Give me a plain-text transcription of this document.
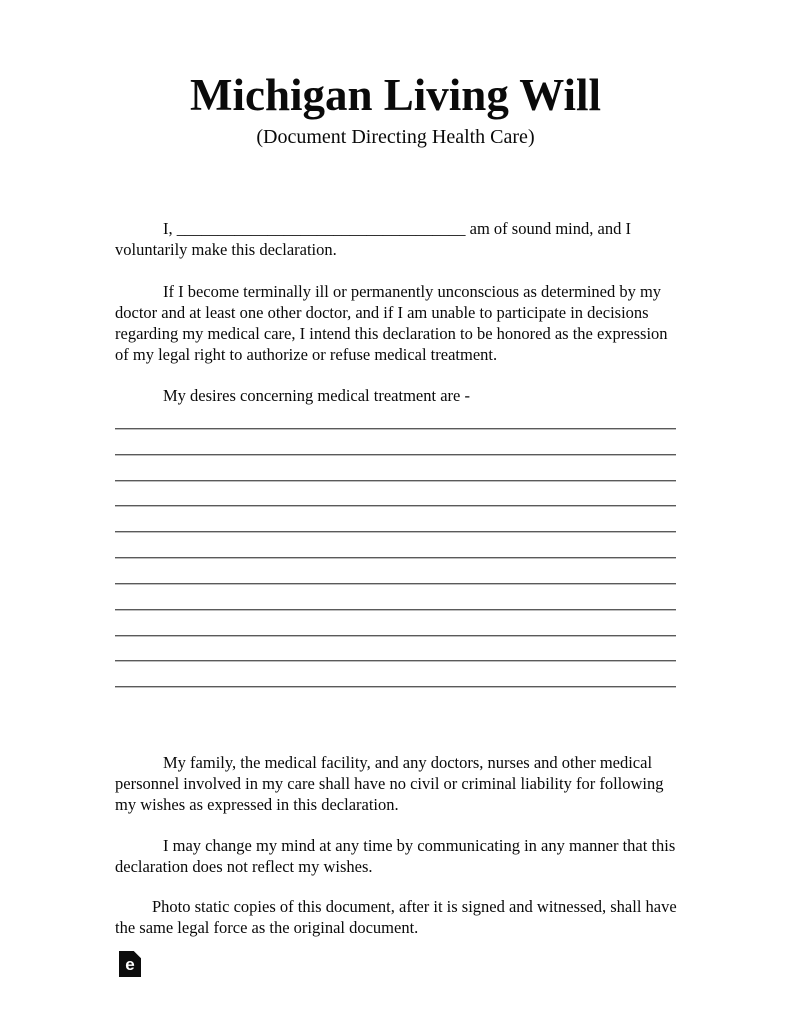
Michigan Living Will
(Document Directing Health Care)

I, ___________________________________ am of sound mind, and I voluntarily make this declaration.

If I become terminally ill or permanently unconscious as determined by my doctor and at least one other doctor, and if I am unable to participate in decisions regarding my medical care, I intend this declaration to be honored as the expression of my legal right to authorize or refuse medical treatment.

My desires concerning medical treatment are -

My family, the medical facility, and any doctors, nurses and other medical personnel involved in my care shall have no civil or criminal liability for following my wishes as expressed in this declaration.

I may change my mind at any time by communicating in any manner that this declaration does not reflect my wishes.

Photo static copies of this document, after it is signed and witnessed, shall have the same legal force as the original document.

e
